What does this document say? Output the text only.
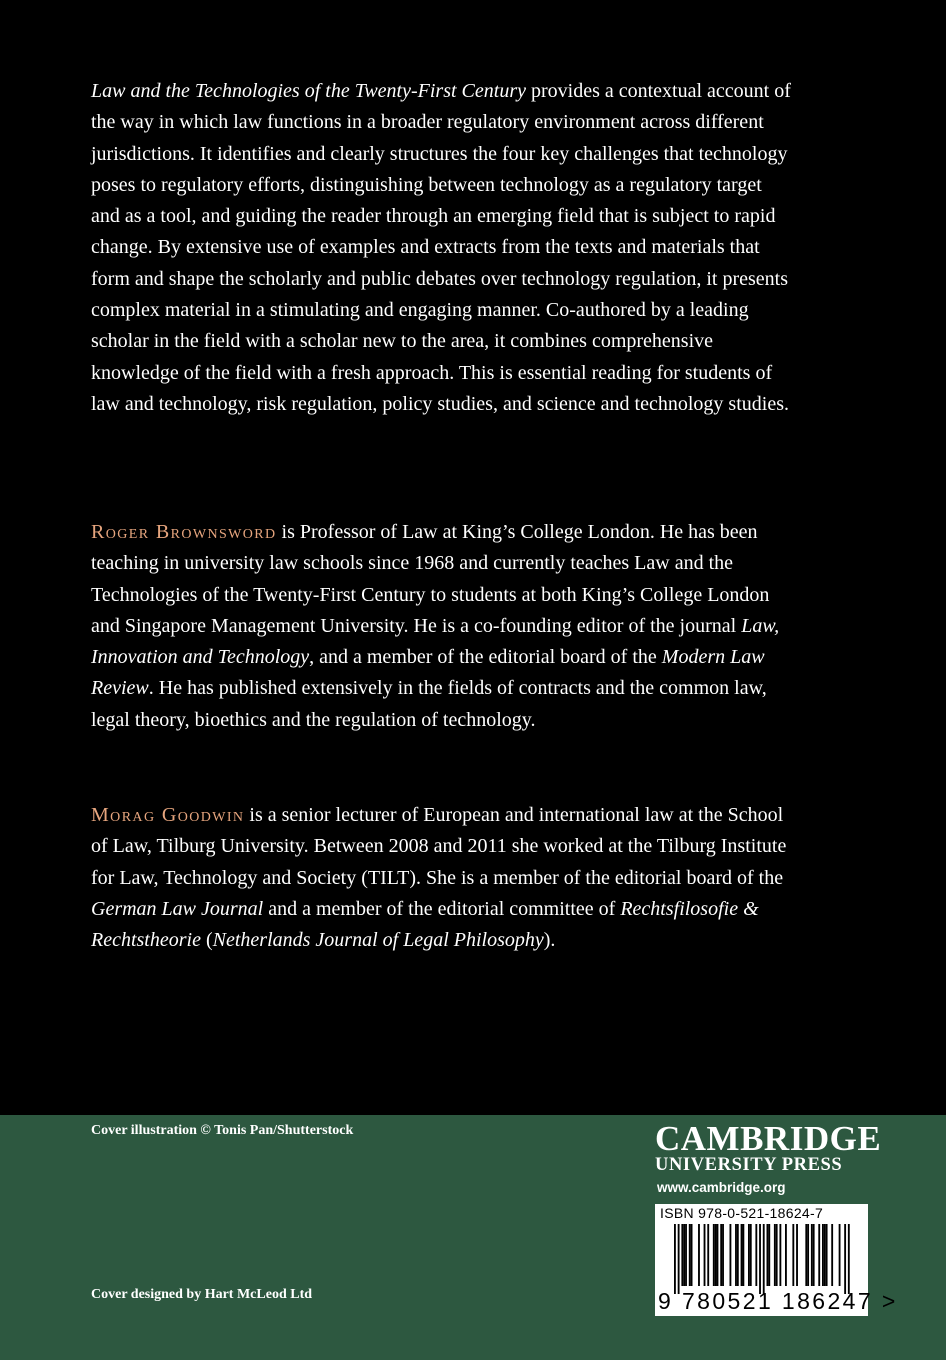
Law and the Technologies of the Twenty-First Century provides a contextual account of the way in which law functions in a broader regulatory environment across different jurisdictions. It identifies and clearly structures the four key challenges that technology poses to regulatory efforts, distinguishing between technology as a regulatory target and as a tool, and guiding the reader through an emerging field that is subject to rapid change. By extensive use of examples and extracts from the texts and materials that form and shape the scholarly and public debates over technology regulation, it presents complex material in a stimulating and engaging manner. Co-authored by a leading scholar in the field with a scholar new to the area, it combines comprehensive knowledge of the field with a fresh approach. This is essential reading for students of law and technology, risk regulation, policy studies, and science and technology studies.

Roger Brownsword is Professor of Law at King’s College London. He has been teaching in university law schools since 1968 and currently teaches Law and the Technologies of the Twenty-First Century to students at both King’s College London and Singapore Management University. He is a co-founding editor of the journal Law, Innovation and Technology, and a member of the editorial board of the Modern Law Review. He has published extensively in the fields of contracts and the common law, legal theory, bioethics and the regulation of technology.

Morag Goodwin is a senior lecturer of European and international law at the School of Law, Tilburg University. Between 2008 and 2011 she worked at the Tilburg Institute for Law, Technology and Society (TILT). She is a member of the editorial board of the German Law Journal and a member of the editorial committee of Rechtsfilosofie & Rechtstheorie (Netherlands Journal of Legal Philosophy).

Cover illustration © Tonis Pan/Shutterstock
Cover designed by Hart McLeod Ltd
CAMBRIDGE
UNIVERSITY PRESS
www.cambridge.org
ISBN 978-0-521-18624-7
9 780521 186247 >
